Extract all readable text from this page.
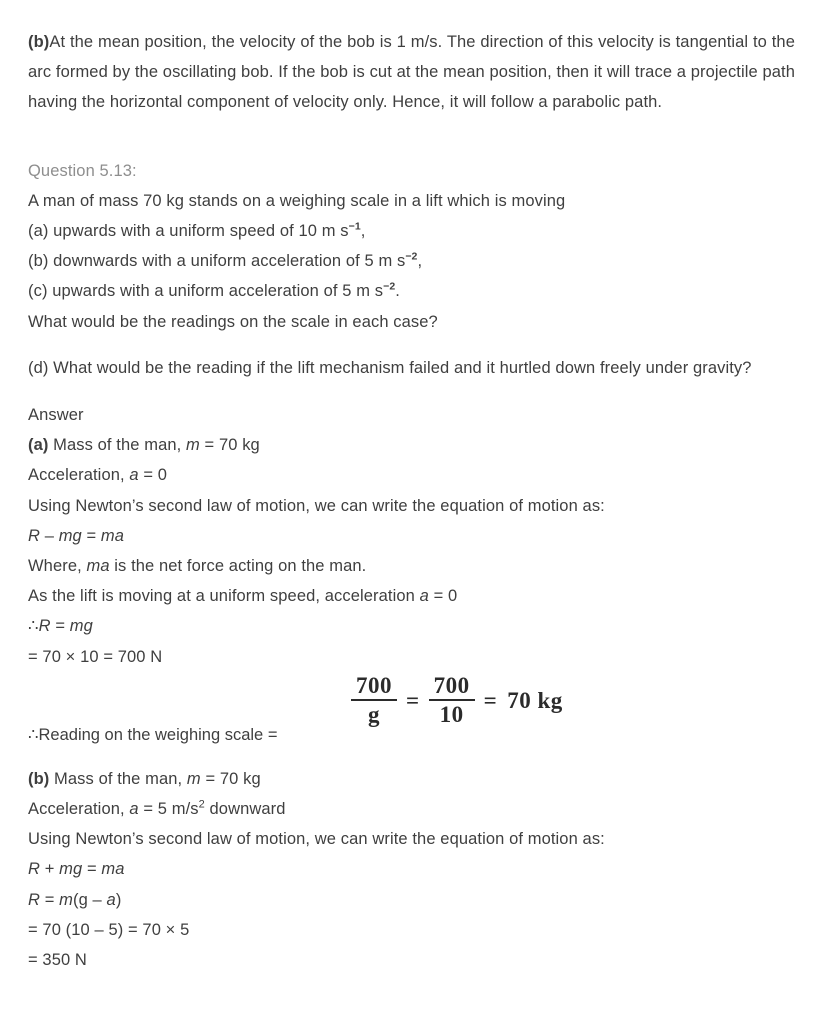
(b)At the mean position, the velocity of the bob is 1 m/s. The direction of this velocity is tangential to the arc formed by the oscillating bob. If the bob is cut at the mean position, then it will trace a projectile path having the horizontal component of velocity only. Hence, it will follow a parabolic path.

Question 5.13:
A man of mass 70 kg stands on a weighing scale in a lift which is moving
(a) upwards with a uniform speed of 10 m $s^{-1}$,
(b) downwards with a uniform acceleration of 5 m $s^{-2}$,
(c) upwards with a uniform acceleration of 5 m $s^{-2}$.
What would be the readings on the scale in each case?

(d) What would be the reading if the lift mechanism failed and it hurtled down freely under gravity?

Answer
(a) Mass of the man, m = 70 kg
Acceleration, a = 0
Using Newton’s second law of motion, we can write the equation of motion as:
R – mg = ma
Where, ma is the net force acting on the man.
As the lift is moving at a uniform speed, acceleration a = 0
∴R = mg
= 70 × 10 = 700 N
∴Reading on the weighing scale =
$\frac{700}{g} = \frac{700}{10} = 70$ kg
(b) Mass of the man, m = 70 kg
Acceleration, a = 5 $m/s^2$ downward
Using Newton’s second law of motion, we can write the equation of motion as:
R + mg = ma
R = m(g – a)
= 70 (10 – 5) = 70 × 5
= 350 N
